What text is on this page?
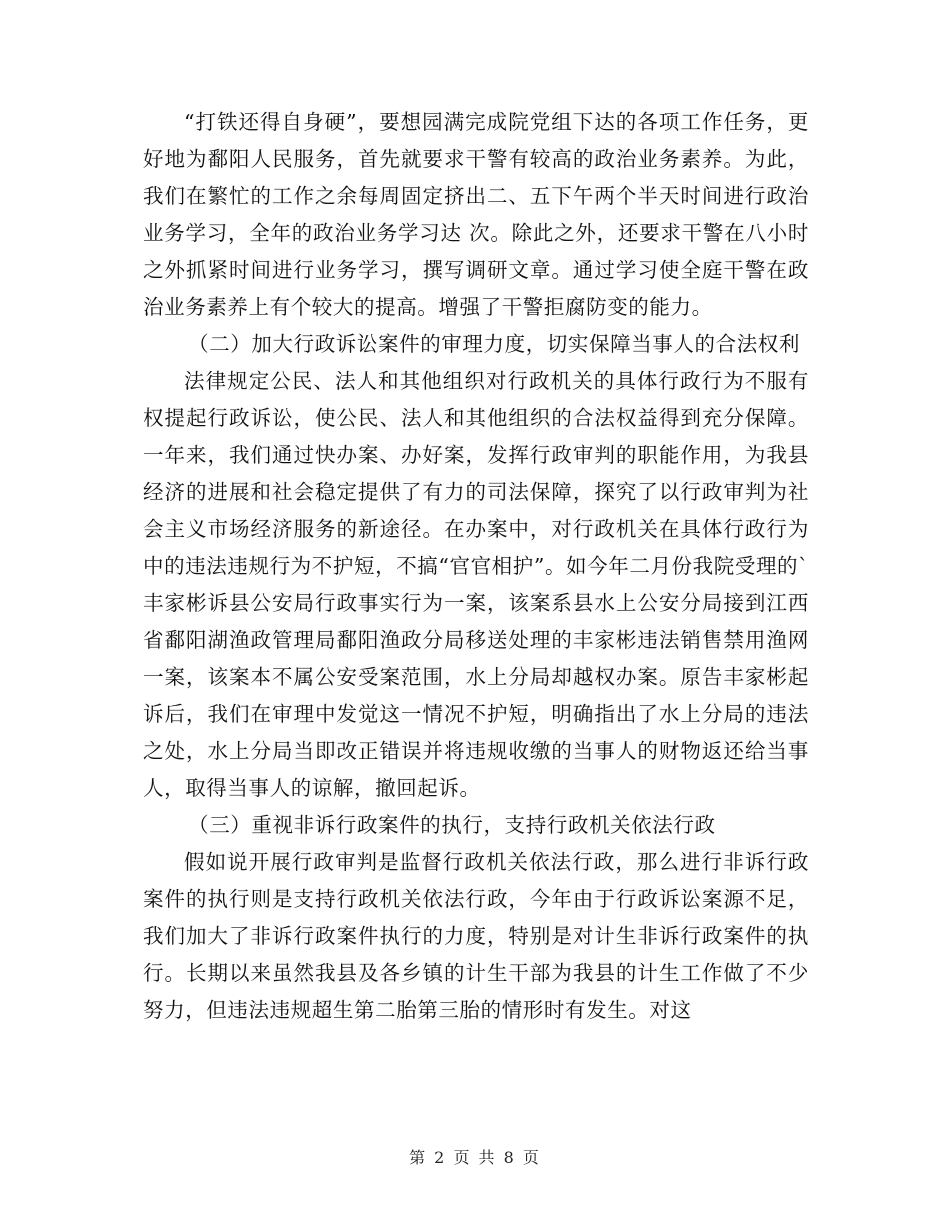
“打铁还得自身硬”，要想园满完成院党组下达的各项工作任务，更好地为鄱阳人民服务，首先就要求干警有较高的政治业务素养。为此，我们在繁忙的工作之余每周固定挤出二、五下午两个半天时间进行政治业务学习，全年的政治业务学习达 次。除此之外，还要求干警在八小时之外抓紧时间进行业务学习，撰写调研文章。通过学习使全庭干警在政治业务素养上有个较大的提高。增强了干警拒腐防变的能力。

（二）加大行政诉讼案件的审理力度，切实保障当事人的合法权利

法律规定公民、法人和其他组织对行政机关的具体行政行为不服有权提起行政诉讼，使公民、法人和其他组织的合法权益得到充分保障。一年来，我们通过快办案、办好案，发挥行政审判的职能作用，为我县经济的进展和社会稳定提供了有力的司法保障，探究了以行政审判为社会主义市场经济服务的新途径。在办案中，对行政机关在具体行政行为中的违法违规行为不护短，不搞“官官相护”。如今年二月份我院受理的`丰家彬诉县公安局行政事实行为一案，该案系县水上公安分局接到江西省鄱阳湖渔政管理局鄱阳渔政分局移送处理的丰家彬违法销售禁用渔网一案，该案本不属公安受案范围，水上分局却越权办案。原告丰家彬起诉后，我们在审理中发觉这一情况不护短，明确指出了水上分局的违法之处，水上分局当即改正错误并将违规收缴的当事人的财物返还给当事人，取得当事人的谅解，撤回起诉。

（三）重视非诉行政案件的执行，支持行政机关依法行政

假如说开展行政审判是监督行政机关依法行政，那么进行非诉行政案件的执行则是支持行政机关依法行政，今年由于行政诉讼案源不足，我们加大了非诉行政案件执行的力度，特别是对计生非诉行政案件的执行。长期以来虽然我县及各乡镇的计生干部为我县的计生工作做了不少努力，但违法违规超生第二胎第三胎的情形时有发生。对这

第 2 页 共 8 页
